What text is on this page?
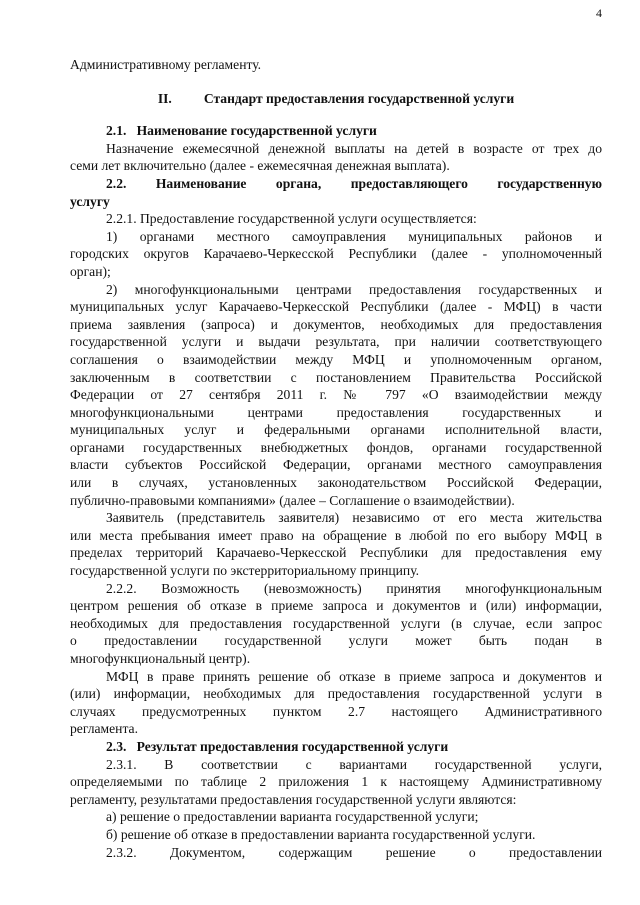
4
Административному регламенту.
II. Стандарт предоставления государственной услуги
2.1.   Наименование государственной услуги
Назначение ежемесячной денежной выплаты на детей в возрасте от трех до
семи лет включительно (далее - ежемесячная денежная выплата).
2.2. Наименование органа, предоставляющего государственную
услугу
2.2.1. Предоставление государственной услуги осуществляется:
1) органами местного самоуправления муниципальных районов и
городских округов Карачаево-Черкесской Республики (далее - уполномоченный
орган);
2) многофункциональными центрами предоставления государственных и
муниципальных услуг Карачаево-Черкесской Республики (далее - МФЦ) в части
приема заявления (запроса) и документов, необходимых для предоставления
государственной услуги и выдачи результата, при наличии соответствующего
соглашения о взаимодействии между МФЦ и уполномоченным органом,
заключенным в соответствии с постановлением Правительства Российской
Федерации от 27 сентября 2011 г. № 797 «О взаимодействии между
многофункциональными центрами предоставления государственных и
муниципальных услуг и федеральными органами исполнительной власти,
органами государственных внебюджетных фондов, органами государственной
власти субъектов Российской Федерации, органами местного самоуправления
или в случаях, установленных законодательством Российской Федерации,
публично-правовыми компаниями» (далее – Соглашение о взаимодействии).
Заявитель (представитель заявителя) независимо от его места жительства
или места пребывания имеет право на обращение в любой по его выбору МФЦ в
пределах территорий Карачаево-Черкесской Республики для предоставления ему
государственной услуги по экстерриториальному принципу.
2.2.2. Возможность (невозможность) принятия многофункциональным
центром решения об отказе в приеме запроса и документов и (или) информации,
необходимых для предоставления государственной услуги (в случае, если запрос
о предоставлении государственной услуги может быть подан в
многофункциональный центр).
МФЦ в праве принять решение об отказе в приеме запроса и документов и
(или) информации, необходимых для предоставления государственной услуги в
случаях предусмотренных пунктом 2.7 настоящего Административного
регламента.
2.3.   Результат предоставления государственной услуги
2.3.1. В соответствии с вариантами государственной услуги,
определяемыми по таблице 2 приложения 1 к настоящему Административному
регламенту, результатами предоставления государственной услуги являются:
а) решение о предоставлении варианта государственной услуги;
б) решение об отказе в предоставлении варианта государственной услуги.
2.3.2. Документом, содержащим решение о предоставлении
